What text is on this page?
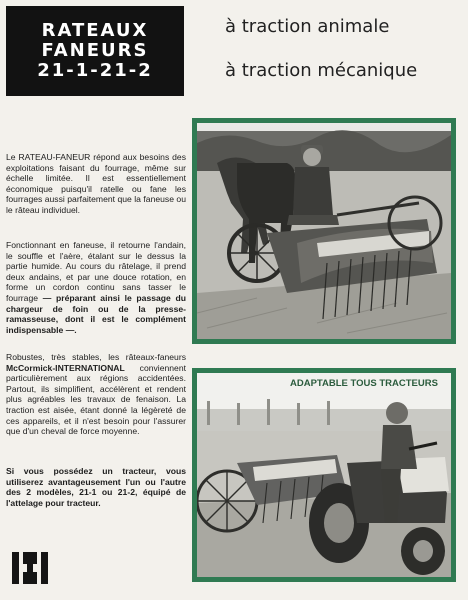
RATEAUX
FANEURS
21-1-21-2
à traction animale
à traction mécanique

Le RATEAU-FANEUR répond aux besoins des exploitations faisant du fourrage, même sur échelle limitée. Il est essentiellement économique puisqu'il ratelle ou fane les fourrages aussi parfaitement que la faneuse ou le râteau individuel.

Fonctionnant en faneuse, il retourne l'andain, le souffle et l'aère, étalant sur le dessus la partie humide. Au cours du râtelage, il prend deux andains, et par une douce rotation, en forme un cordon continu sans tasser le fourrage — préparant ainsi le passage du chargeur de foin ou de la presse-ramasseuse, dont il est le complément indispensable —.

Robustes, très stables, les râteaux-faneurs McCormick-INTERNATIONAL conviennent particulièrement aux régions accidentées. Partout, ils simplifient, accélèrent et rendent plus agréables les travaux de fenaison. La traction est aisée, étant donné la légèreté de ces appareils, et il n'est besoin pour l'assurer que d'un cheval de force moyenne.

Si vous possédez un tracteur, vous utiliserez avantageusement l'un ou l'autre des 2 modèles, 21-1 ou 21-2, équipé de l'attelage pour tracteur.

ADAPTABLE TOUS TRACTEURS
